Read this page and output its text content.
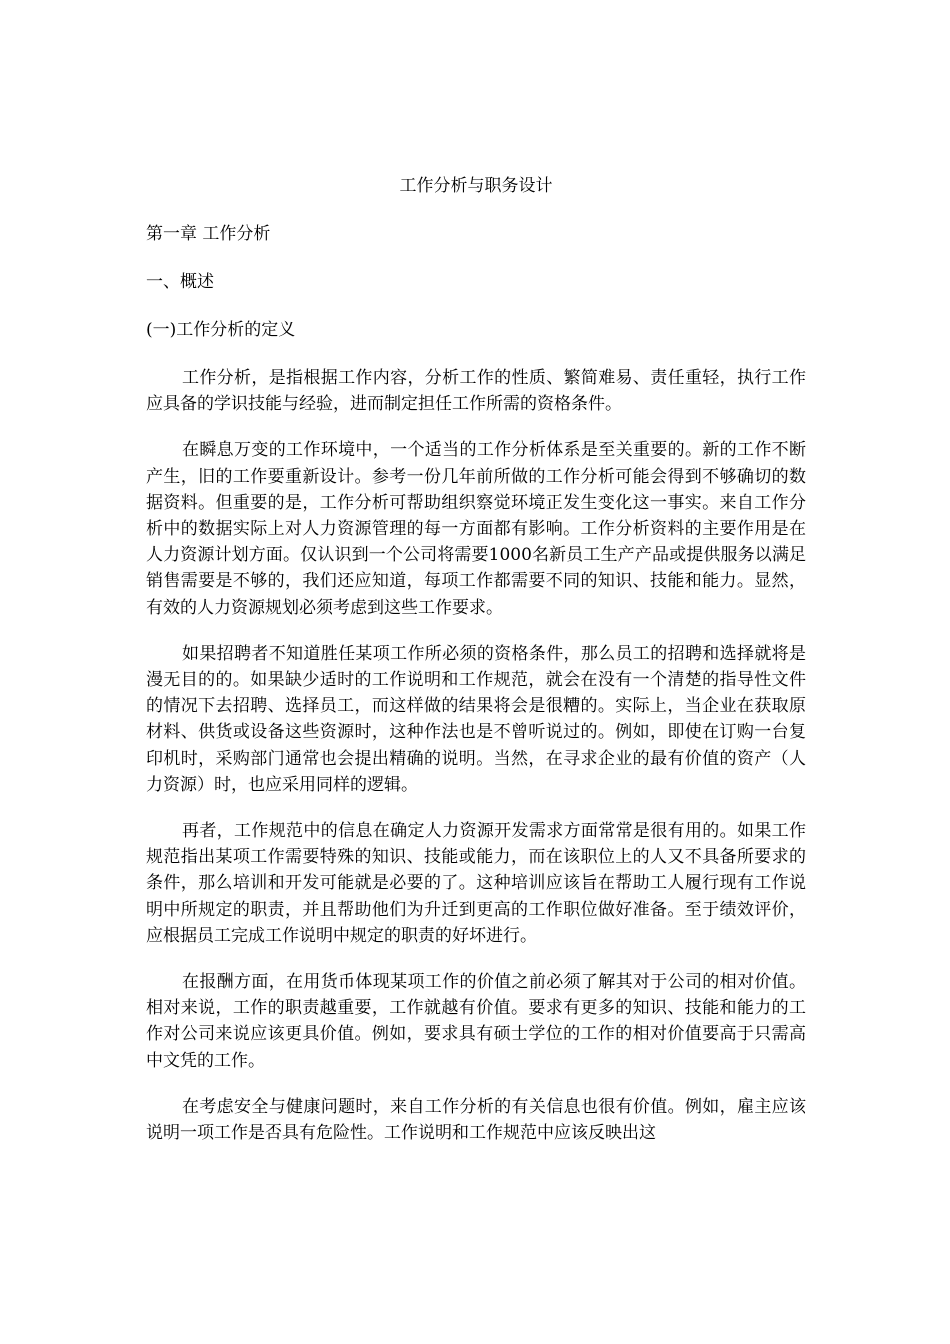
工作分析与职务设计
第一章 工作分析
一、概述
(一)工作分析的定义

工作分析，是指根据工作内容，分析工作的性质、繁简难易、责任重轻，执行工作应具备的学识技能与经验，进而制定担任工作所需的资格条件。

在瞬息万变的工作环境中，一个适当的工作分析体系是至关重要的。新的工作不断产生，旧的工作要重新设计。参考一份几年前所做的工作分析可能会得到不够确切的数据资料。但重要的是，工作分析可帮助组织察觉环境正发生变化这一事实。来自工作分析中的数据实际上对人力资源管理的每一方面都有影响。工作分析资料的主要作用是在人力资源计划方面。仅认识到一个公司将需要1000名新员工生产产品或提供服务以满足销售需要是不够的，我们还应知道，每项工作都需要不同的知识、技能和能力。显然，有效的人力资源规划必须考虑到这些工作要求。

如果招聘者不知道胜任某项工作所必须的资格条件，那么员工的招聘和选择就将是漫无目的的。如果缺少适时的工作说明和工作规范，就会在没有一个清楚的指导性文件的情况下去招聘、选择员工，而这样做的结果将会是很糟的。实际上，当企业在获取原材料、供货或设备这些资源时，这种作法也是不曾听说过的。例如，即使在订购一台复印机时，采购部门通常也会提出精确的说明。当然，在寻求企业的最有价值的资产（人力资源）时，也应采用同样的逻辑。

再者，工作规范中的信息在确定人力资源开发需求方面常常是很有用的。如果工作规范指出某项工作需要特殊的知识、技能或能力，而在该职位上的人又不具备所要求的条件，那么培训和开发可能就是必要的了。这种培训应该旨在帮助工人履行现有工作说明中所规定的职责，并且帮助他们为升迁到更高的工作职位做好准备。至于绩效评价，应根据员工完成工作说明中规定的职责的好坏进行。

在报酬方面，在用货币体现某项工作的价值之前必须了解其对于公司的相对价值。相对来说，工作的职责越重要，工作就越有价值。要求有更多的知识、技能和能力的工作对公司来说应该更具价值。例如，要求具有硕士学位的工作的相对价值要高于只需高中文凭的工作。

在考虑安全与健康问题时，来自工作分析的有关信息也很有价值。例如，雇主应该说明一项工作是否具有危险性。工作说明和工作规范中应该反映出这
